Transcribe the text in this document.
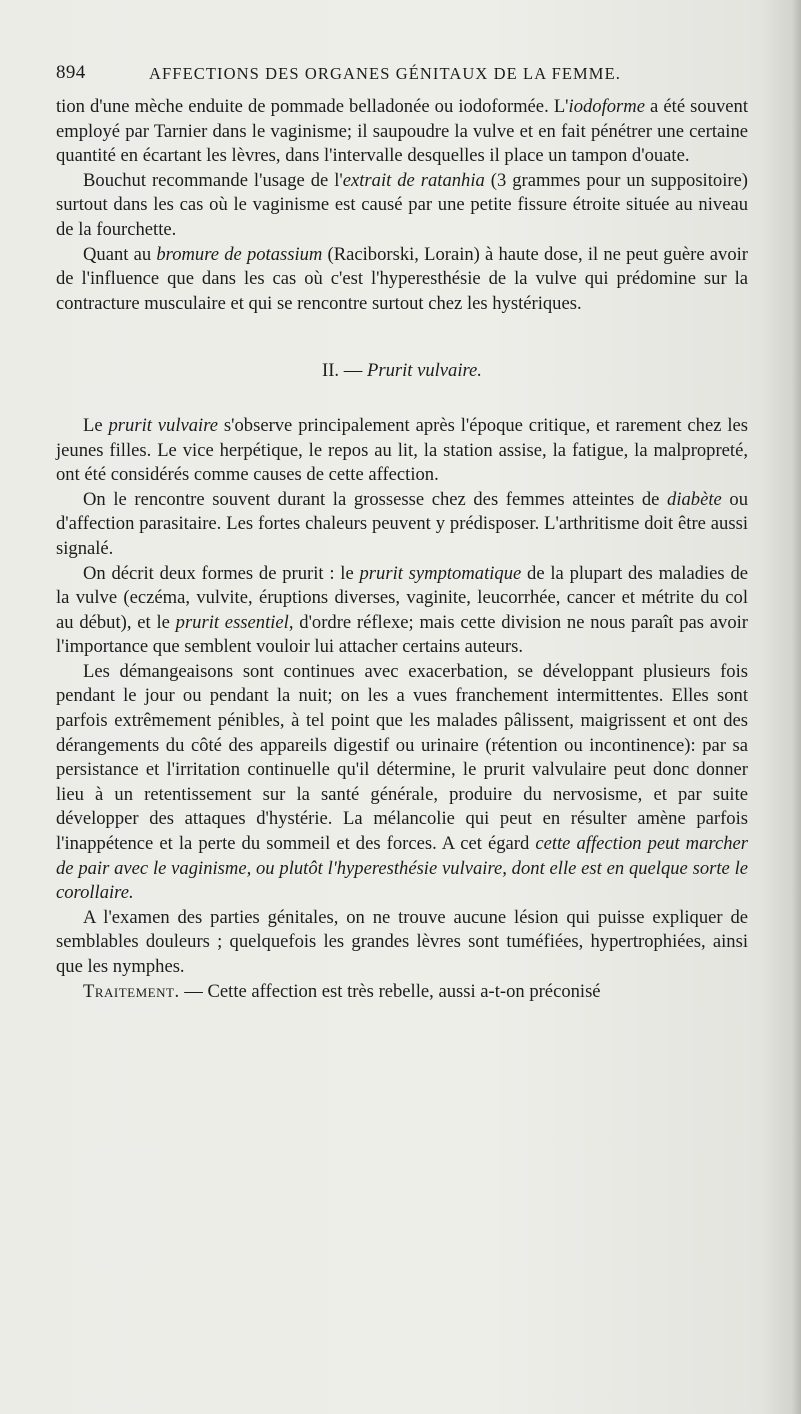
894	AFFECTIONS DES ORGANES GÉNITAUX DE LA FEMME.

tion d'une mèche enduite de pommade belladonée ou iodoformée. L'iodoforme a été souvent employé par Tarnier dans le vaginisme; il saupoudre la vulve et en fait pénétrer une certaine quantité en écartant les lèvres, dans l'intervalle desquelles il place un tampon d'ouate.

Bouchut recommande l'usage de l'extrait de ratanhia (3 grammes pour un suppositoire) surtout dans les cas où le vaginisme est causé par une petite fissure étroite située au niveau de la fourchette.

Quant au bromure de potassium (Raciborski, Lorain) à haute dose, il ne peut guère avoir de l'influence que dans les cas où c'est l'hyperesthésie de la vulve qui prédomine sur la contracture musculaire et qui se rencontre surtout chez les hystériques.

II. — Prurit vulvaire.

Le prurit vulvaire s'observe principalement après l'époque critique, et rarement chez les jeunes filles. Le vice herpétique, le repos au lit, la station assise, la fatigue, la malpropreté, ont été considérés comme causes de cette affection.

On le rencontre souvent durant la grossesse chez des femmes atteintes de diabète ou d'affection parasitaire. Les fortes chaleurs peuvent y prédisposer. L'arthritisme doit être aussi signalé.

On décrit deux formes de prurit : le prurit symptomatique de la plupart des maladies de la vulve (eczéma, vulvite, éruptions diverses, vaginite, leucorrhée, cancer et métrite du col au début), et le prurit essentiel, d'ordre réflexe; mais cette division ne nous paraît pas avoir l'importance que semblent vouloir lui attacher certains auteurs.

Les démangeaisons sont continues avec exacerbation, se développant plusieurs fois pendant le jour ou pendant la nuit; on les a vues franchement intermittentes. Elles sont parfois extrêmement pénibles, à tel point que les malades pâlissent, maigrissent et ont des dérangements du côté des appareils digestif ou urinaire (rétention ou incontinence): par sa persistance et l'irritation continuelle qu'il détermine, le prurit valvulaire peut donc donner lieu à un retentissement sur la santé générale, produire du nervosisme, et par suite développer des attaques d'hystérie. La mélancolie qui peut en résulter amène parfois l'inappétence et la perte du sommeil et des forces. A cet égard cette affection peut marcher de pair avec le vaginisme, ou plutôt l'hyperesthésie vulvaire, dont elle est en quelque sorte le corollaire.

A l'examen des parties génitales, on ne trouve aucune lésion qui puisse expliquer de semblables douleurs ; quelquefois les grandes lèvres sont tuméfiées, hypertrophiées, ainsi que les nymphes.

Traitement. — Cette affection est très rebelle, aussi a-t-on préconisé
